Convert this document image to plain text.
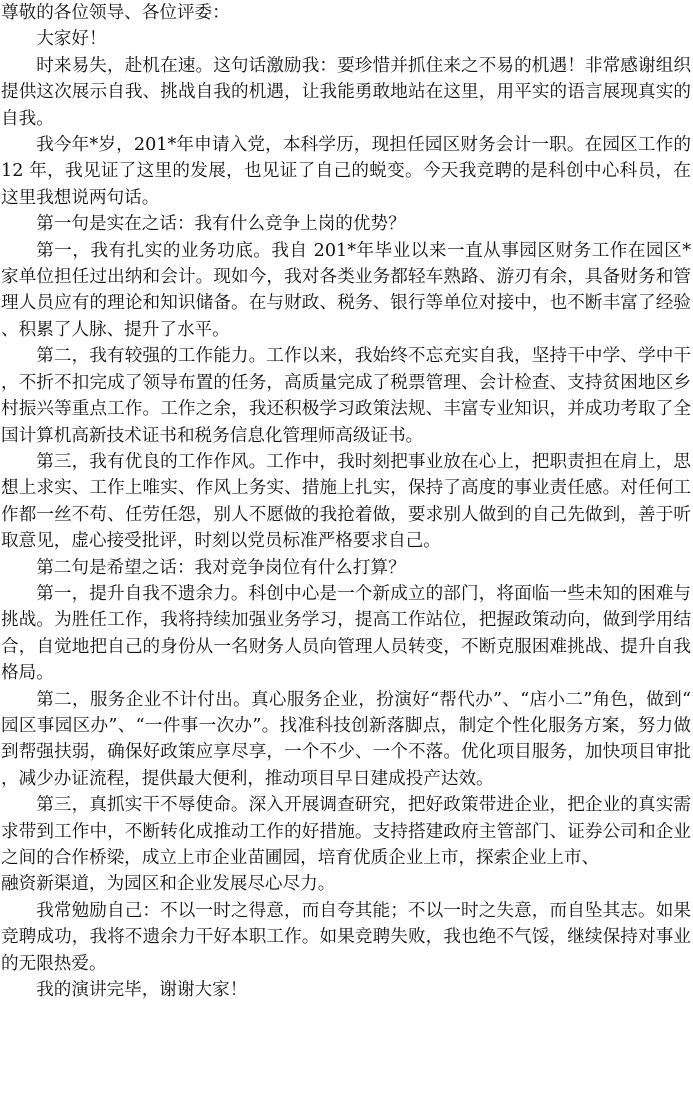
尊敬的各位领导、各位评委：

大家好！

时来易失，赴机在速。这句话激励我：要珍惜并抓住来之不易的机遇！非常感谢组织提供这次展示自我、挑战自我的机遇，让我能勇敢地站在这里，用平实的语言展现真实的自我。

我今年*岁，201*年申请入党，本科学历，现担任园区财务会计一职。在园区工作的 12 年，我见证了这里的发展，也见证了自己的蜕变。今天我竞聘的是科创中心科员，在这里我想说两句话。

第一句是实在之话：我有什么竞争上岗的优势？

第一，我有扎实的业务功底。我自 201*年毕业以来一直从事园区财务工作在园区*家单位担任过出纳和会计。现如今，我对各类业务都轻车熟路、游刃有余，具备财务和管理人员应有的理论和知识储备。在与财政、税务、银行等单位对接中，也不断丰富了经验、积累了人脉、提升了水平。

第二，我有较强的工作能力。工作以来，我始终不忘充实自我，坚持干中学、学中干，不折不扣完成了领导布置的任务，高质量完成了税票管理、会计检查、支持贫困地区乡村振兴等重点工作。工作之余，我还积极学习政策法规、丰富专业知识，并成功考取了全国计算机高新技术证书和税务信息化管理师高级证书。

第三，我有优良的工作作风。工作中，我时刻把事业放在心上，把职责担在肩上，思想上求实、工作上唯实、作风上务实、措施上扎实，保持了高度的事业责任感。对任何工作都一丝不苟、任劳任怨，别人不愿做的我抢着做，要求别人做到的自己先做到，善于听取意见，虚心接受批评，时刻以党员标准严格要求自己。

第二句是希望之话：我对竞争岗位有什么打算？

第一，提升自我不遗余力。科创中心是一个新成立的部门，将面临一些未知的困难与挑战。为胜任工作，我将持续加强业务学习，提高工作站位，把握政策动向，做到学用结合，自觉地把自己的身份从一名财务人员向管理人员转变，不断克服困难挑战、提升自我格局。

第二，服务企业不计付出。真心服务企业，扮演好“帮代办”、“店小二”角色，做到“园区事园区办”、“一件事一次办”。找准科技创新落脚点，制定个性化服务方案，努力做到帮强扶弱，确保好政策应享尽享，一个不少、一个不落。优化项目服务，加快项目审批，减少办证流程，提供最大便利，推动项目早日建成投产达效。

第三，真抓实干不辱使命。深入开展调查研究，把好政策带进企业，把企业的真实需求带到工作中，不断转化成推动工作的好措施。支持搭建政府主管部门、证券公司和企业之间的合作桥梁，成立上市企业苗圃园，培育优质企业上市，探索企业上市、

融资新渠道，为园区和企业发展尽心尽力。

我常勉励自己：不以一时之得意，而自夸其能；不以一时之失意，而自坠其志。如果竞聘成功，我将不遗余力干好本职工作。如果竞聘失败，我也绝不气馁，继续保持对事业的无限热爱。

我的演讲完毕，谢谢大家！
